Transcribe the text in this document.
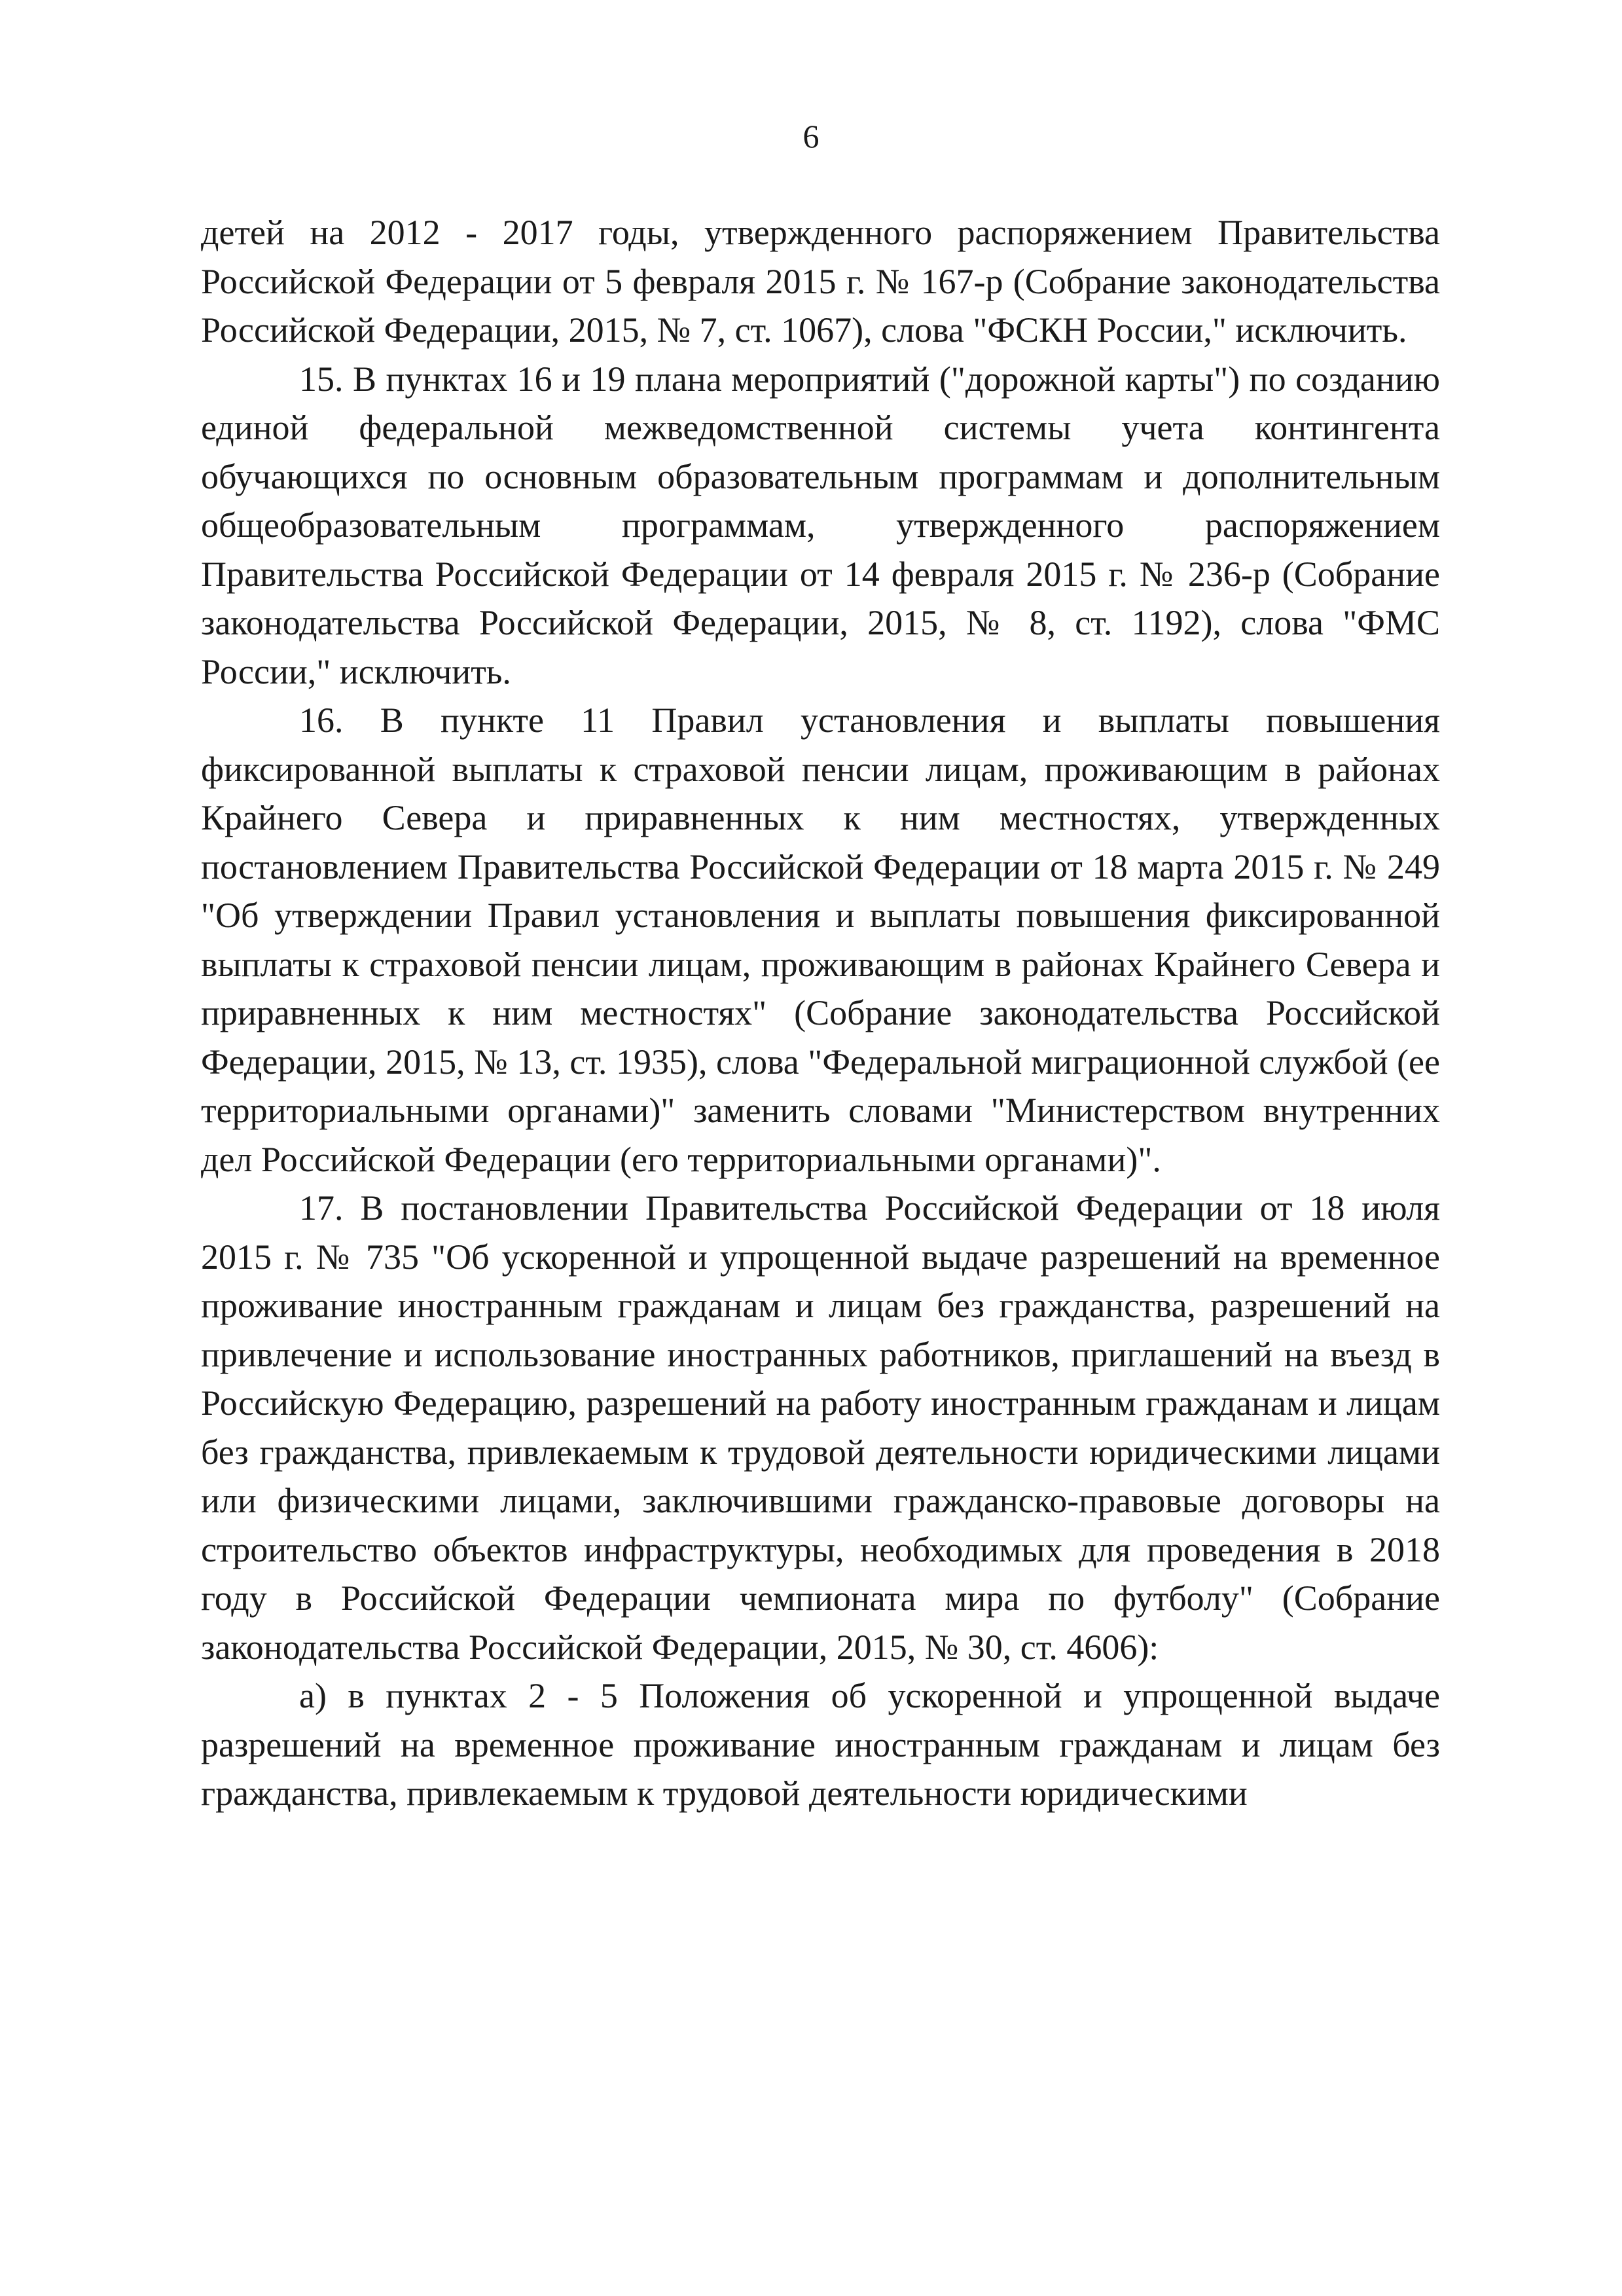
6

детей на 2012 - 2017 годы, утвержденного распоряжением Правительства Российской Федерации от 5 февраля 2015 г. № 167-р (Собрание законодательства Российской Федерации, 2015, № 7, ст. 1067), слова "ФСКН России," исключить.

15. В пунктах 16 и 19 плана мероприятий ("дорожной карты") по созданию единой федеральной межведомственной системы учета контингента обучающихся по основным образовательным программам и дополнительным общеобразовательным программам, утвержденного распоряжением Правительства Российской Федерации от 14 февраля 2015 г. № 236-р (Собрание законодательства Российской Федерации, 2015, № 8, ст. 1192), слова "ФМС России," исключить.

16. В пункте 11 Правил установления и выплаты повышения фиксированной выплаты к страховой пенсии лицам, проживающим в районах Крайнего Севера и приравненных к ним местностях, утвержденных постановлением Правительства Российской Федерации от 18 марта 2015 г. № 249 "Об утверждении Правил установления и выплаты повышения фиксированной выплаты к страховой пенсии лицам, проживающим в районах Крайнего Севера и приравненных к ним местностях" (Собрание законодательства Российской Федерации, 2015, № 13, ст. 1935), слова "Федеральной миграционной службой (ее территориальными органами)" заменить словами "Министерством внутренних дел Российской Федерации (его территориальными органами)".

17. В постановлении Правительства Российской Федерации от 18 июля 2015 г. № 735 "Об ускоренной и упрощенной выдаче разрешений на временное проживание иностранным гражданам и лицам без гражданства, разрешений на привлечение и использование иностранных работников, приглашений на въезд в Российскую Федерацию, разрешений на работу иностранным гражданам и лицам без гражданства, привлекаемым к трудовой деятельности юридическими лицами или физическими лицами, заключившими гражданско-правовые договоры на строительство объектов инфраструктуры, необходимых для проведения в 2018 году в Российской Федерации чемпионата мира по футболу" (Собрание законодательства Российской Федерации, 2015, № 30, ст. 4606):

а) в пунктах 2 - 5 Положения об ускоренной и упрощенной выдаче разрешений на временное проживание иностранным гражданам и лицам без гражданства, привлекаемым к трудовой деятельности юридическими
